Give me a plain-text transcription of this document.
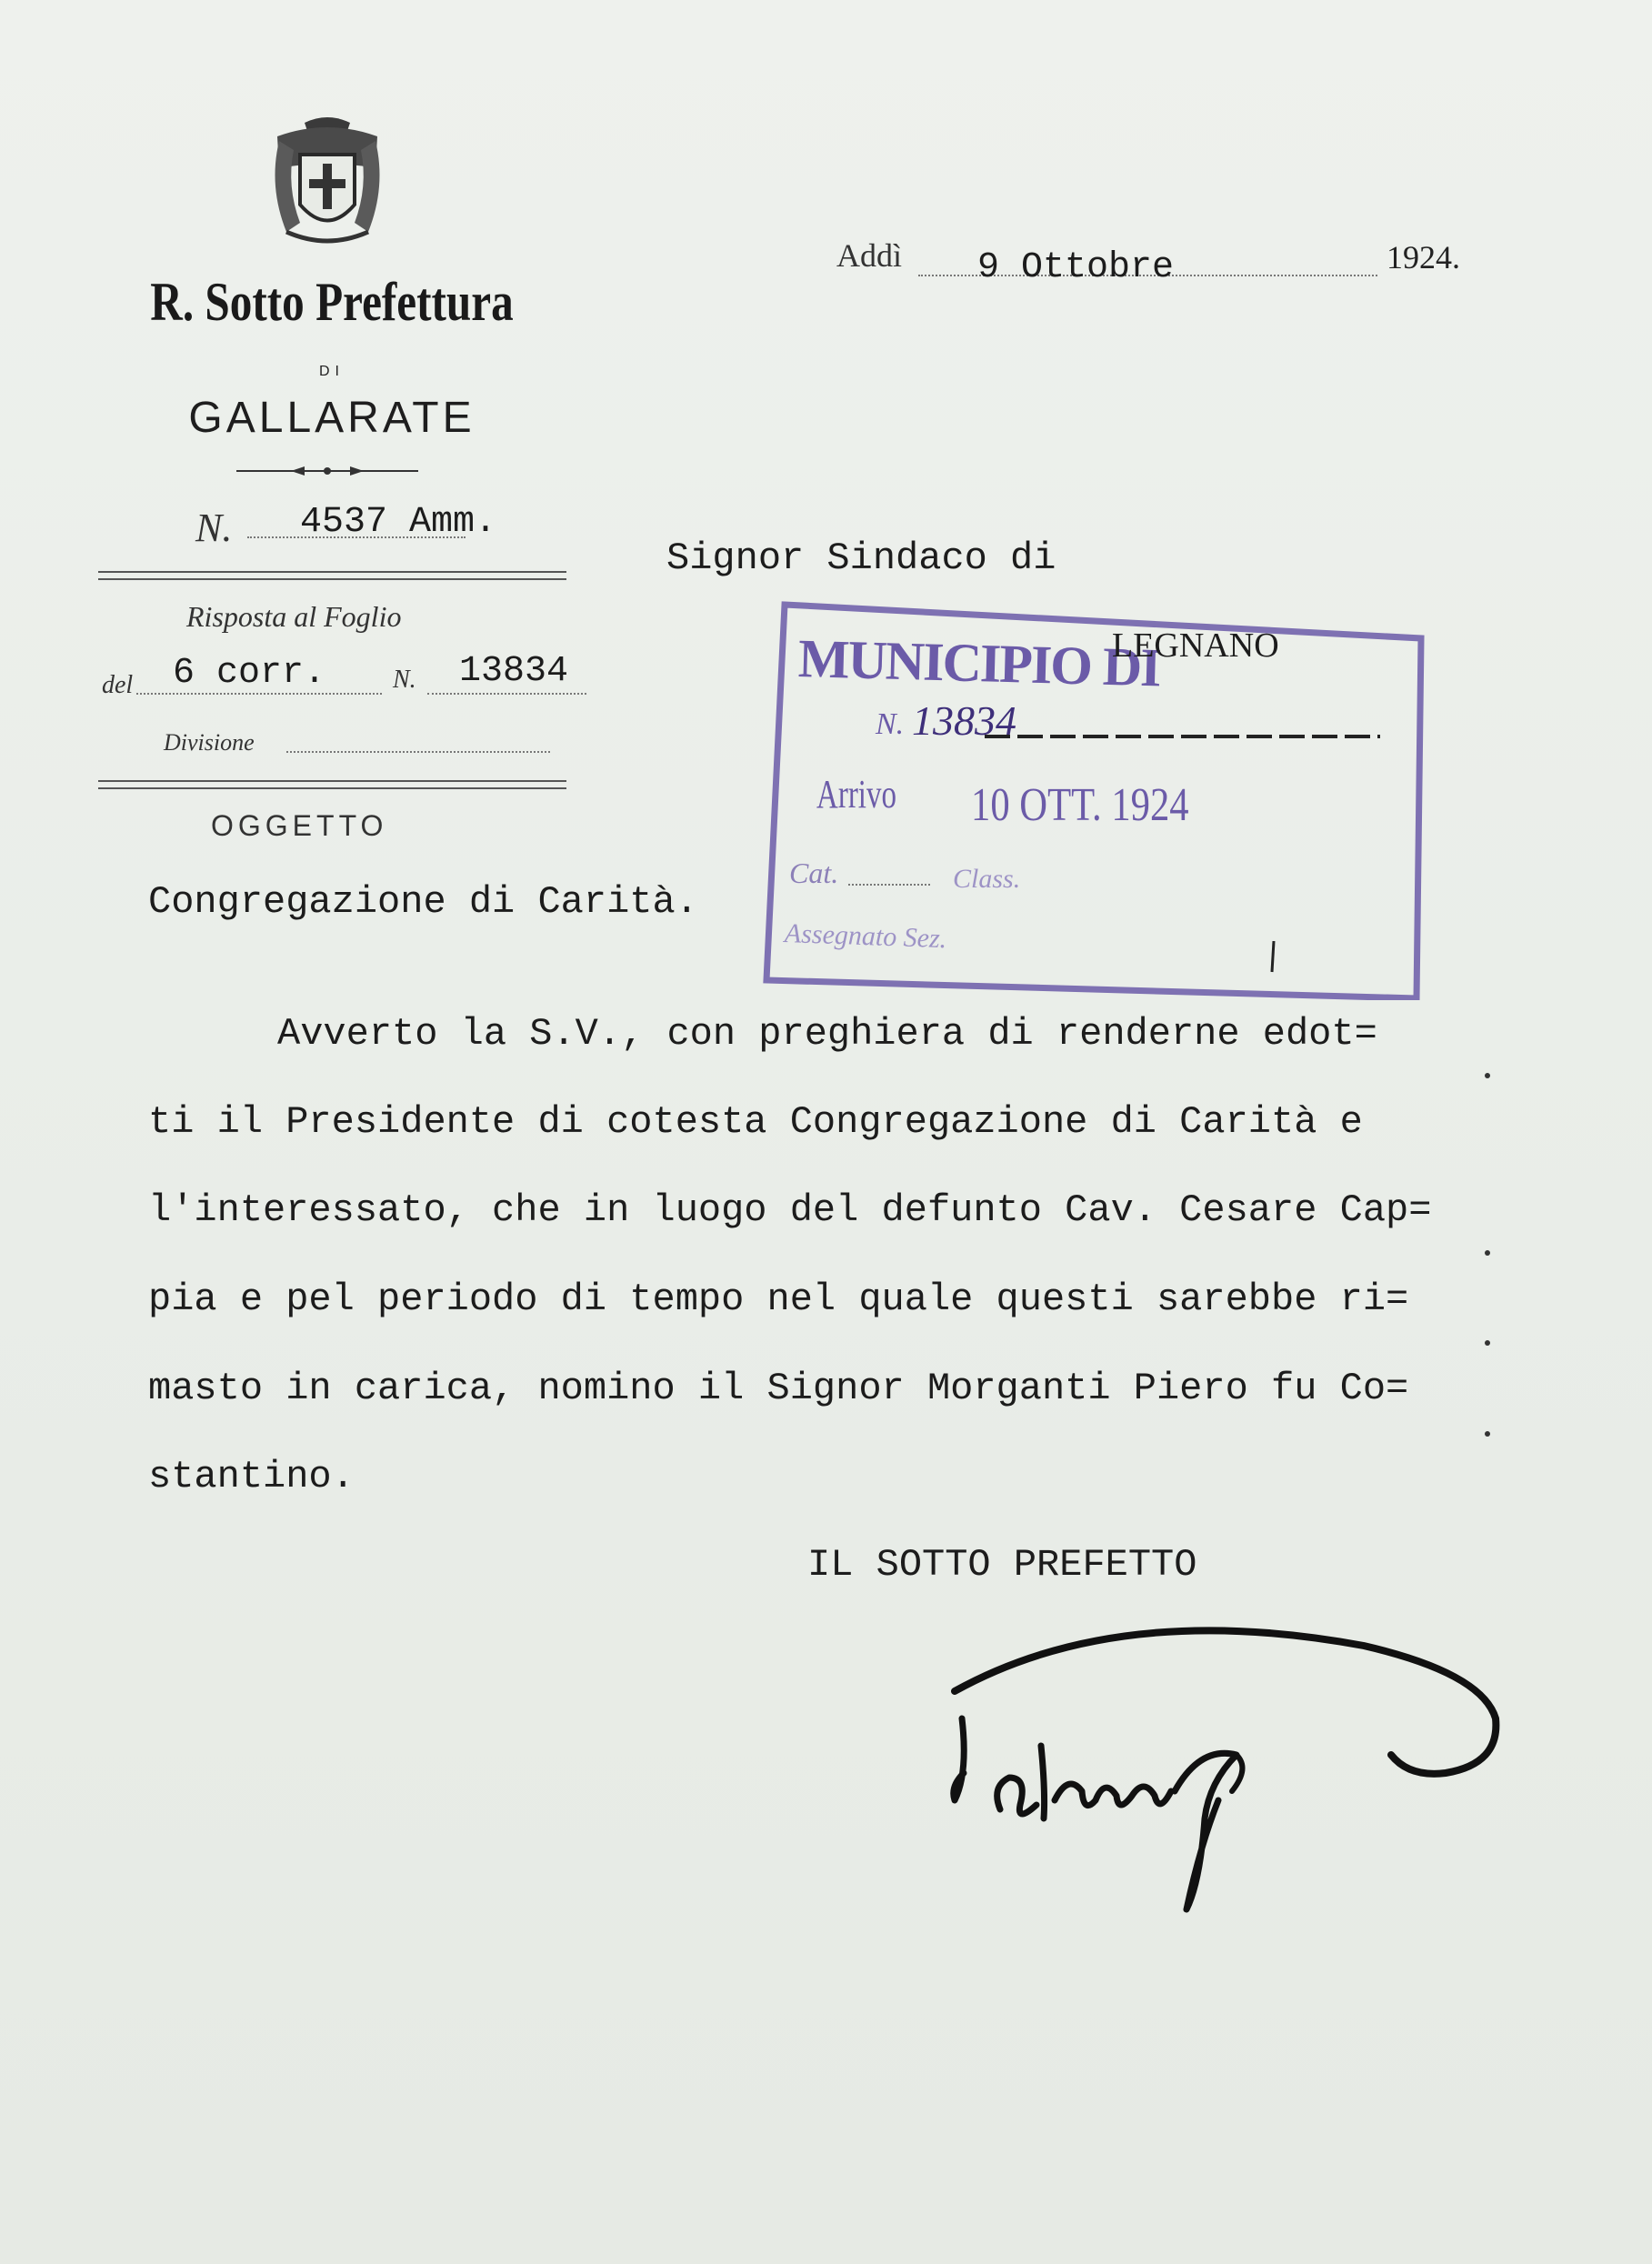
R. Sotto Prefettura
DI
GALLARATE
N. 4537 Amm.
Risposta al Foglio
del 6 corr.	N. 13834
Divisione
OGGETTO
Congregazione di Carità.
Addì 9 Ottobre	1924.
Signor Sindaco di
MUNICIPIO DI
LEGNANO
N. 13834
Arrivo 10 OTT. 1924
Cat.	Class.
Assegnato Sez.
Avverto la S.V., con preghiera di renderne edot=
ti il Presidente di cotesta Congregazione di Carità e
l'interessato, che in luogo del defunto Cav. Cesare Cap=
pia e pel periodo di tempo nel quale questi sarebbe ri=
masto in carica, nomino il Signor Morganti Piero fu Co=
stantino.
IL SOTTO PREFETTO
